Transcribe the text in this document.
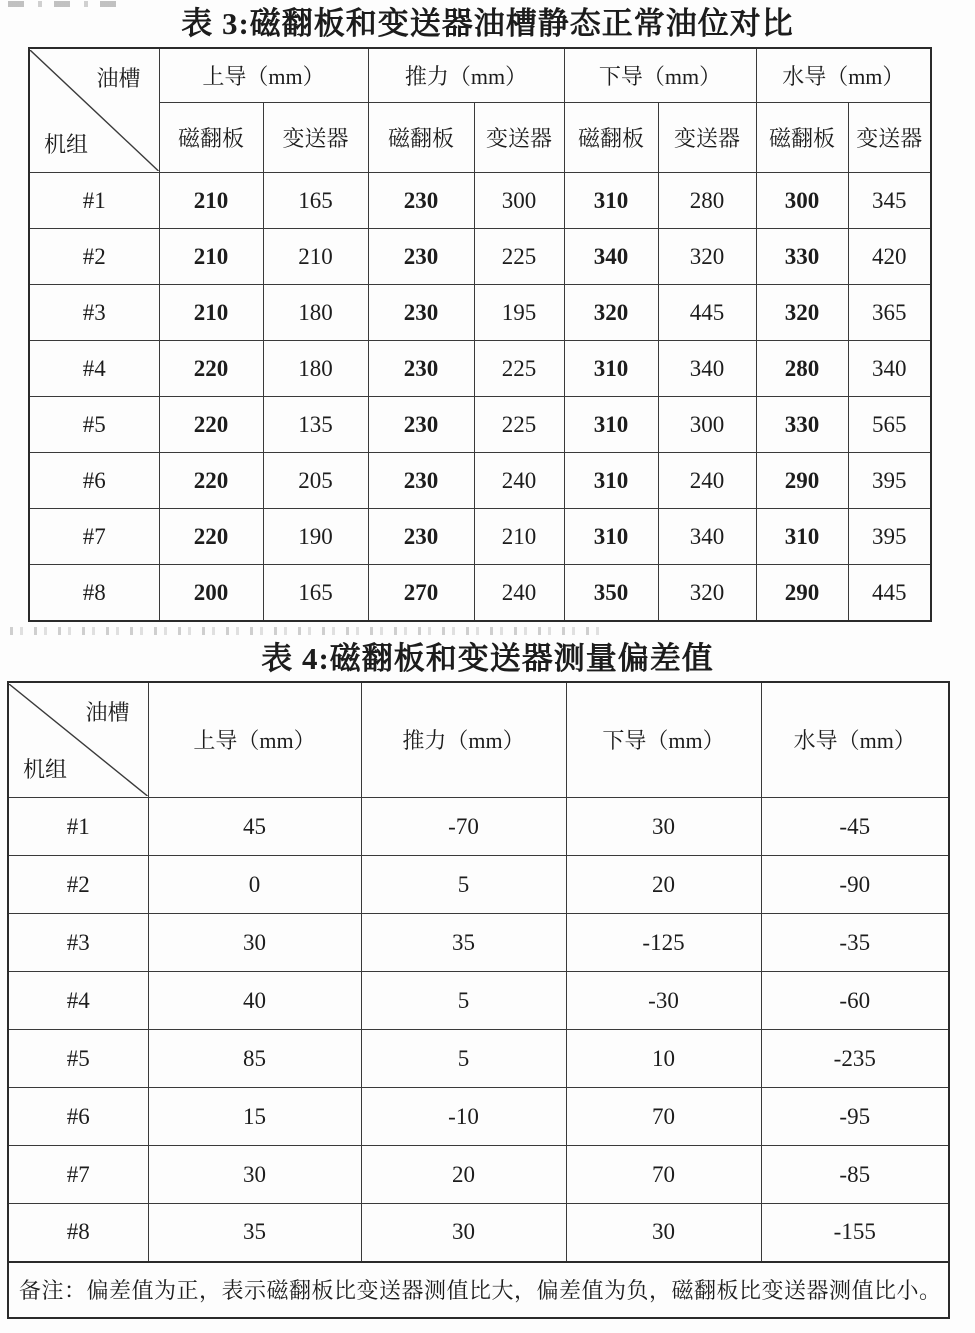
表 3:磁翻板和变送器油槽静态正常油位对比
油槽
机组	上导（mm）		推力（mm）		下导（mm）		水导（mm）	
	磁翻板	变送器	磁翻板	变送器	磁翻板	变送器	磁翻板	变送器
#1	210	165	230	300	310	280	300	345
#2	210	210	230	225	340	320	330	420
#3	210	180	230	195	320	445	320	365
#4	220	180	230	225	310	340	280	340
#5	220	135	230	225	310	300	330	565
#6	220	205	230	240	310	240	290	395
#7	220	190	230	210	310	340	310	395
#8	200	165	270	240	350	320	290	445
表 4:磁翻板和变送器测量偏差值
油槽
机组	上导（mm）	推力（mm）	下导（mm）	水导（mm）
#1	45	-70	30	-45
#2	0	5	20	-90
#3	30	35	-125	-35
#4	40	5	-30	-60
#5	85	5	10	-235
#6	15	-10	70	-95
#7	30	20	70	-85
#8	35	30	30	-155
备注：偏差值为正，表示磁翻板比变送器测值比大，偏差值为负，磁翻板比变送器测值比小。				
